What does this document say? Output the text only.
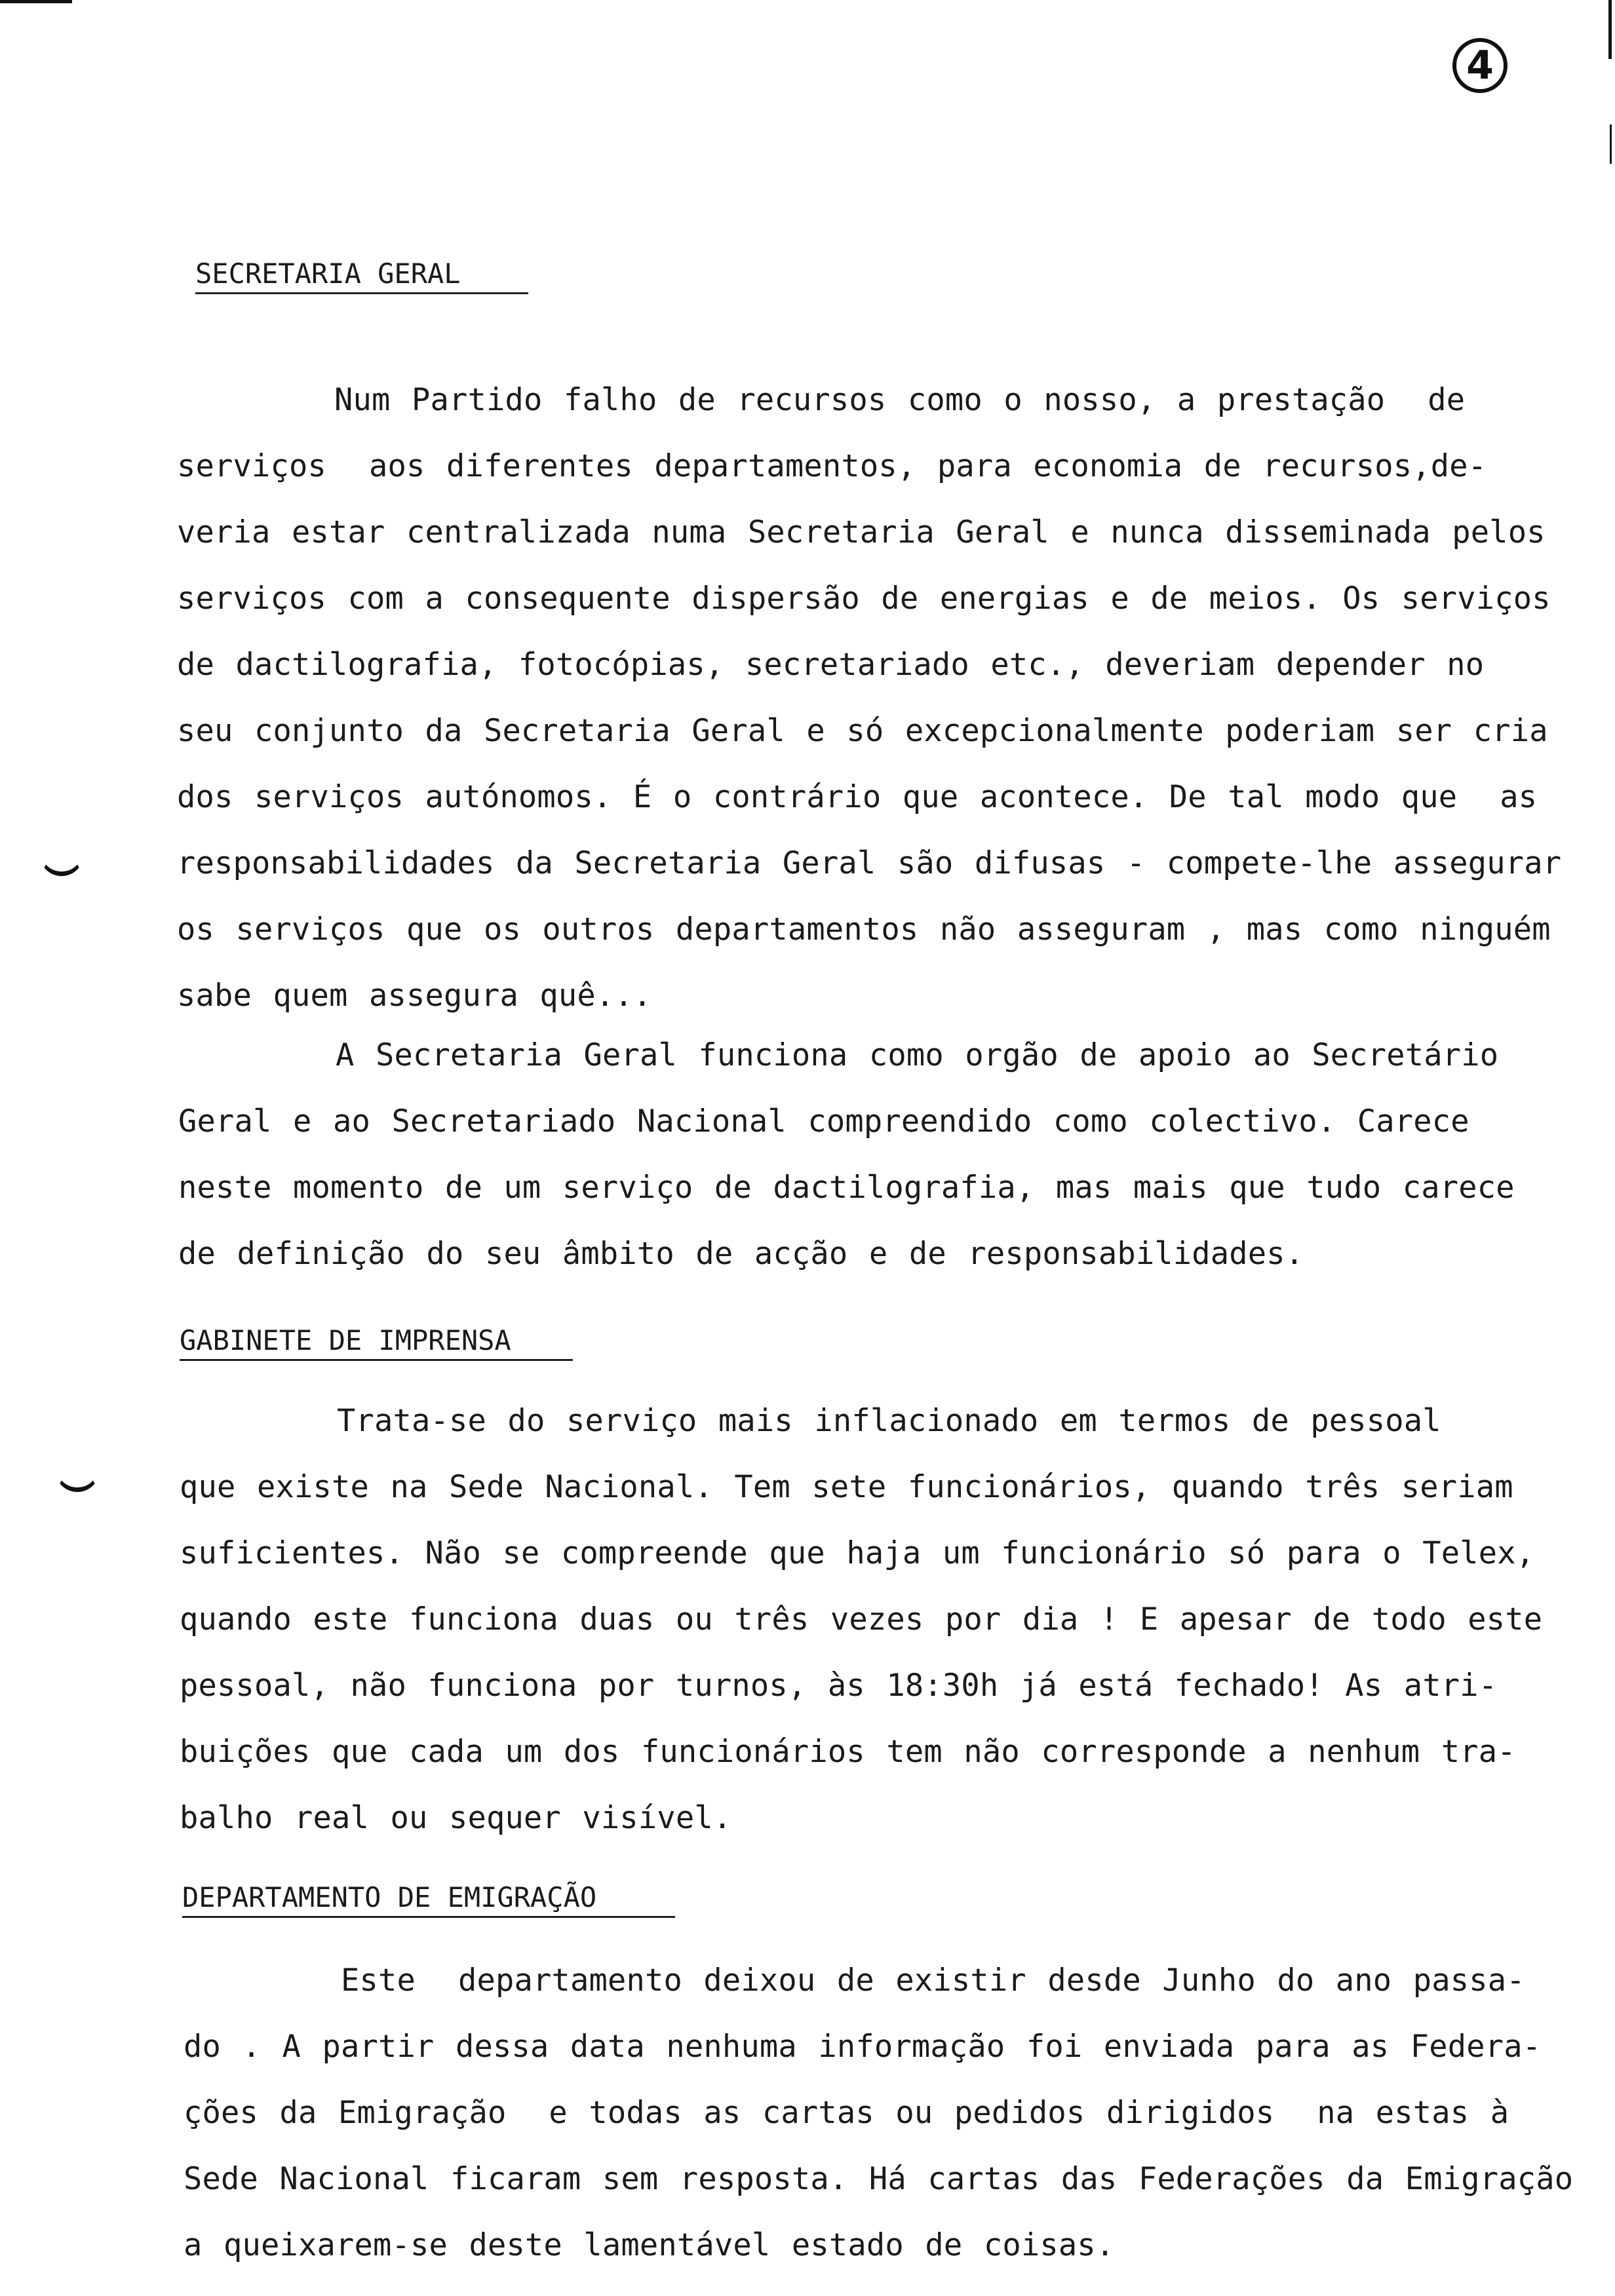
4
SECRETARIA GERAL
Num Partido falho de recursos como o nosso, a prestação  de
serviços  aos diferentes departamentos, para economia de recursos,de-
veria estar centralizada numa Secretaria Geral e nunca disseminada pelos
serviços com a consequente dispersão de energias e de meios. Os serviços
de dactilografia, fotocópias, secretariado etc., deveriam depender no
seu conjunto da Secretaria Geral e só excepcionalmente poderiam ser cria
dos serviços autónomos. É o contrário que acontece. De tal modo que  as
responsabilidades da Secretaria Geral são difusas - compete-lhe assegurar
os serviços que os outros departamentos não asseguram , mas como ninguém
sabe quem assegura quê...
A Secretaria Geral funciona como orgão de apoio ao Secretário
Geral e ao Secretariado Nacional compreendido como colectivo. Carece
neste momento de um serviço de dactilografia, mas mais que tudo carece
de definição do seu âmbito de acção e de responsabilidades.
GABINETE DE IMPRENSA
Trata-se do serviço mais inflacionado em termos de pessoal
que existe na Sede Nacional. Tem sete funcionários, quando três seriam
suficientes. Não se compreende que haja um funcionário só para o Telex,
quando este funciona duas ou três vezes por dia ! E apesar de todo este
pessoal, não funciona por turnos, às 18:30h já está fechado! As atri-
buições que cada um dos funcionários tem não corresponde a nenhum tra-
balho real ou sequer visível.
DEPARTAMENTO DE EMIGRAÇÃO
Este  departamento deixou de existir desde Junho do ano passa-
do . A partir dessa data nenhuma informação foi enviada para as Federa-
ções da Emigração  e todas as cartas ou pedidos dirigidos  na estas à
Sede Nacional ficaram sem resposta. Há cartas das Federações da Emigração
a queixarem-se deste lamentável estado de coisas.
